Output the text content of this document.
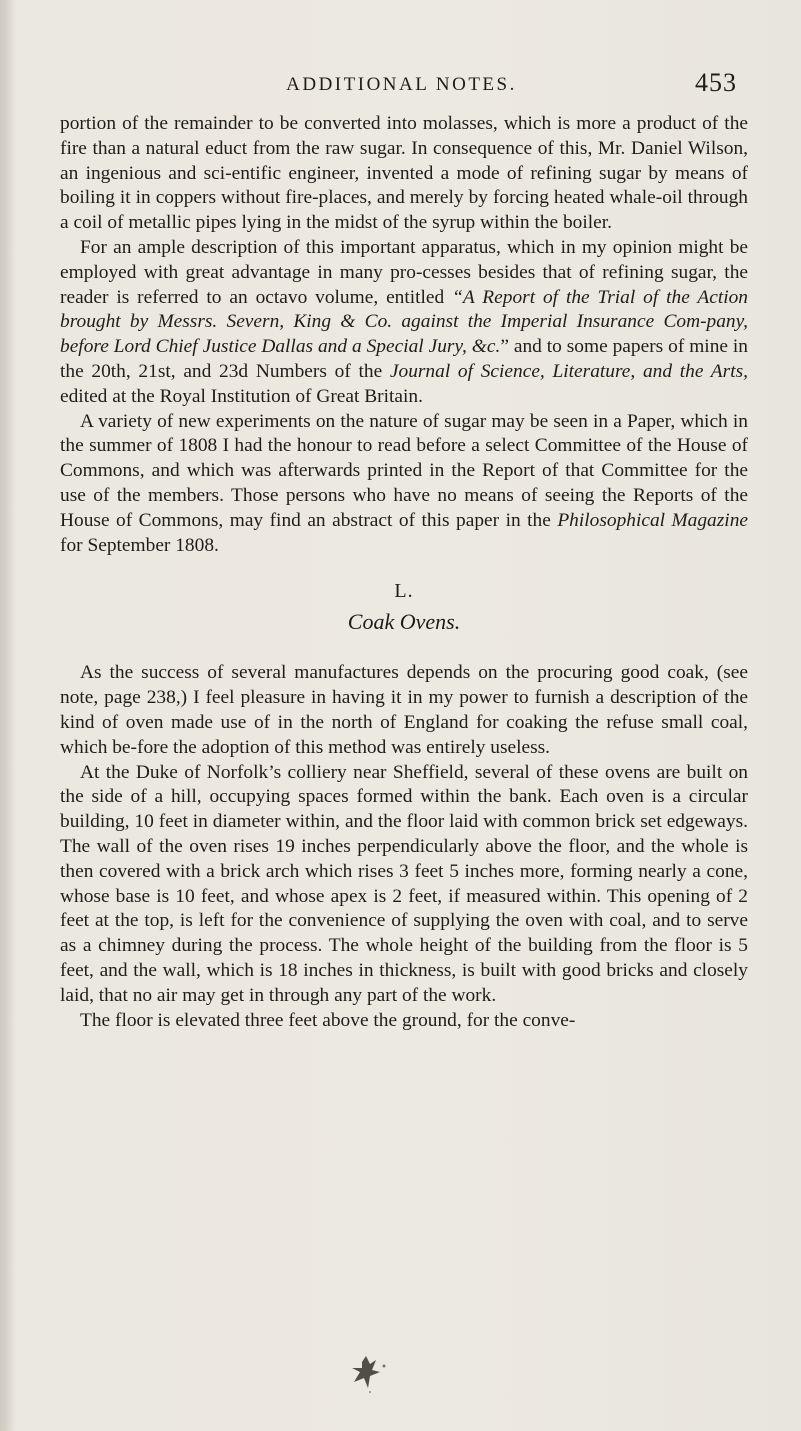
ADDITIONAL NOTES.	453

portion of the remainder to be converted into molasses, which is more a product of the fire than a natural educt from the raw sugar. In consequence of this, Mr. Daniel Wilson, an ingenious and sci-entific engineer, invented a mode of refining sugar by means of boiling it in coppers without fire-places, and merely by forcing heated whale-oil through a coil of metallic pipes lying in the midst of the syrup within the boiler.

For an ample description of this important apparatus, which in my opinion might be employed with great advantage in many pro-cesses besides that of refining sugar, the reader is referred to an octavo volume, entitled “A Report of the Trial of the Action brought by Messrs. Severn, King & Co. against the Imperial Insurance Com-pany, before Lord Chief Justice Dallas and a Special Jury, &c.” and to some papers of mine in the 20th, 21st, and 23d Numbers of the Journal of Science, Literature, and the Arts, edited at the Royal Institution of Great Britain.

A variety of new experiments on the nature of sugar may be seen in a Paper, which in the summer of 1808 I had the honour to read before a select Committee of the House of Commons, and which was afterwards printed in the Report of that Committee for the use of the members. Those persons who have no means of seeing the Reports of the House of Commons, may find an abstract of this paper in the Philosophical Magazine for September 1808.

L.
Coak Ovens.

As the success of several manufactures depends on the procuring good coak, (see note, page 238,) I feel pleasure in having it in my power to furnish a description of the kind of oven made use of in the north of England for coaking the refuse small coal, which be-fore the adoption of this method was entirely useless.

At the Duke of Norfolk’s colliery near Sheffield, several of these ovens are built on the side of a hill, occupying spaces formed within the bank. Each oven is a circular building, 10 feet in diameter within, and the floor laid with common brick set edgeways. The wall of the oven rises 19 inches perpendicularly above the floor, and the whole is then covered with a brick arch which rises 3 feet 5 inches more, forming nearly a cone, whose base is 10 feet, and whose apex is 2 feet, if measured within. This opening of 2 feet at the top, is left for the convenience of supplying the oven with coal, and to serve as a chimney during the process. The whole height of the building from the floor is 5 feet, and the wall, which is 18 inches in thickness, is built with good bricks and closely laid, that no air may get in through any part of the work.

The floor is elevated three feet above the ground, for the conve-
